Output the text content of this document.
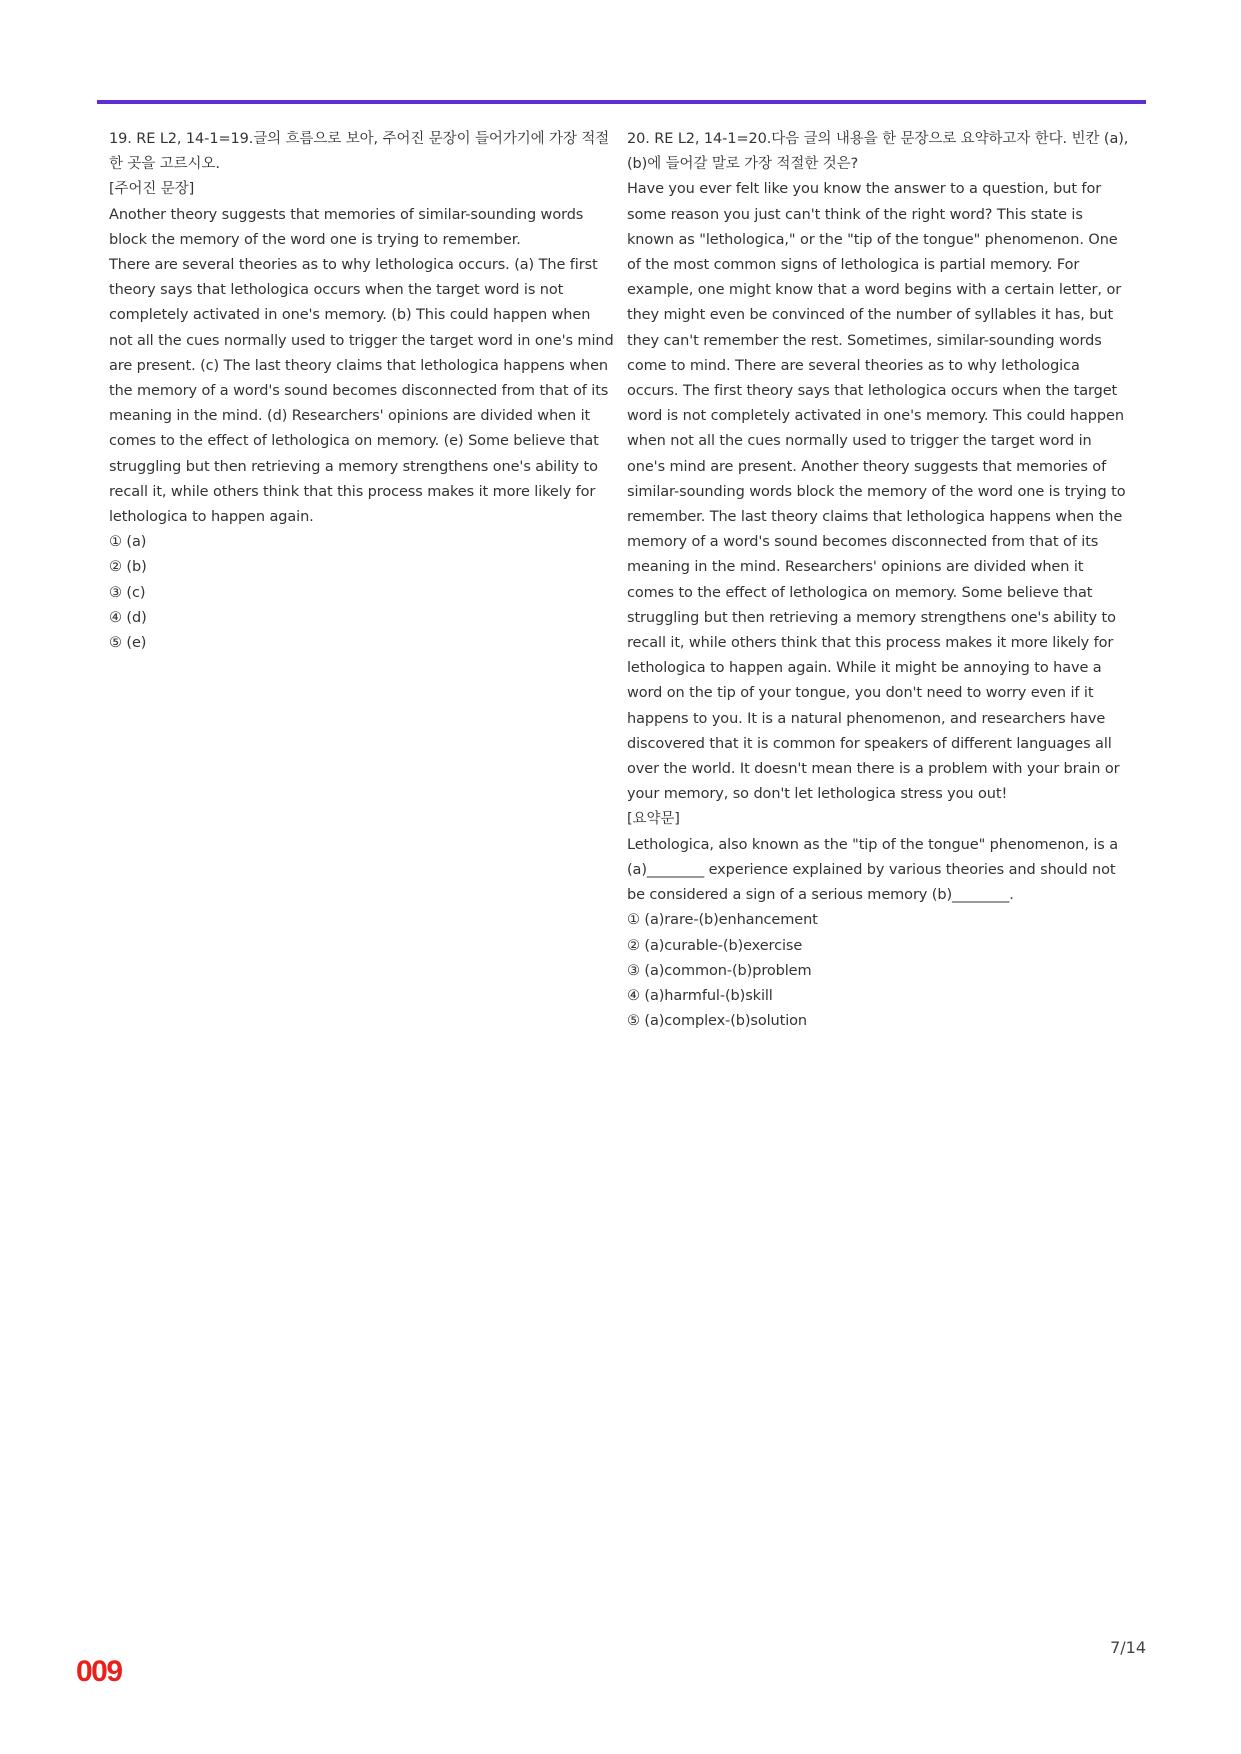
19. RE L2, 14-1=19.글의 흐름으로 보아, 주어진 문장이 들어가기에 가장 적절한 곳을 고르시오.

[주어진 문장]

Another theory suggests that memories of similar-sounding words block the memory of the word one is trying to remember.

There are several theories as to why lethologica occurs. (a) The first theory says that lethologica occurs when the target word is not completely activated in one's memory. (b) This could happen when not all the cues normally used to trigger the target word in one's mind are present. (c) The last theory claims that lethologica happens when the memory of a word's sound becomes disconnected from that of its meaning in the mind. (d) Researchers' opinions are divided when it comes to the effect of lethologica on memory. (e) Some believe that struggling but then retrieving a memory strengthens one's ability to recall it, while others think that this process makes it more likely for lethologica to happen again.

① (a)

② (b)

③ (c)

④ (d)

⑤ (e)

20. RE L2, 14-1=20.다음 글의 내용을 한 문장으로 요약하고자 한다. 빈칸 (a), (b)에 들어갈 말로 가장 적절한 것은?

Have you ever felt like you know the answer to a question, but for some reason you just can't think of the right word? This state is known as "lethologica," or the "tip of the tongue" phenomenon. One of the most common signs of lethologica is partial memory. For example, one might know that a word begins with a certain letter, or they might even be convinced of the number of syllables it has, but they can't remember the rest. Sometimes, similar-sounding words come to mind. There are several theories as to why lethologica occurs. The first theory says that lethologica occurs when the target word is not completely activated in one's memory. This could happen when not all the cues normally used to trigger the target word in one's mind are present. Another theory suggests that memories of similar-sounding words block the memory of the word one is trying to remember. The last theory claims that lethologica happens when the memory of a word's sound becomes disconnected from that of its meaning in the mind. Researchers' opinions are divided when it comes to the effect of lethologica on memory. Some believe that struggling but then retrieving a memory strengthens one's ability to recall it, while others think that this process makes it more likely for lethologica to happen again. While it might be annoying to have a word on the tip of your tongue, you don't need to worry even if it happens to you. It is a natural phenomenon, and researchers have discovered that it is common for speakers of different languages all over the world. It doesn't mean there is a problem with your brain or your memory, so don't let lethologica stress you out!

[요약문]

Lethologica, also known as the "tip of the tongue" phenomenon, is a (a)________ experience explained by various theories and should not be considered a sign of a serious memory (b)________.

① (a)rare-(b)enhancement

② (a)curable-(b)exercise

③ (a)common-(b)problem

④ (a)harmful-(b)skill

⑤ (a)complex-(b)solution

7/14
009
